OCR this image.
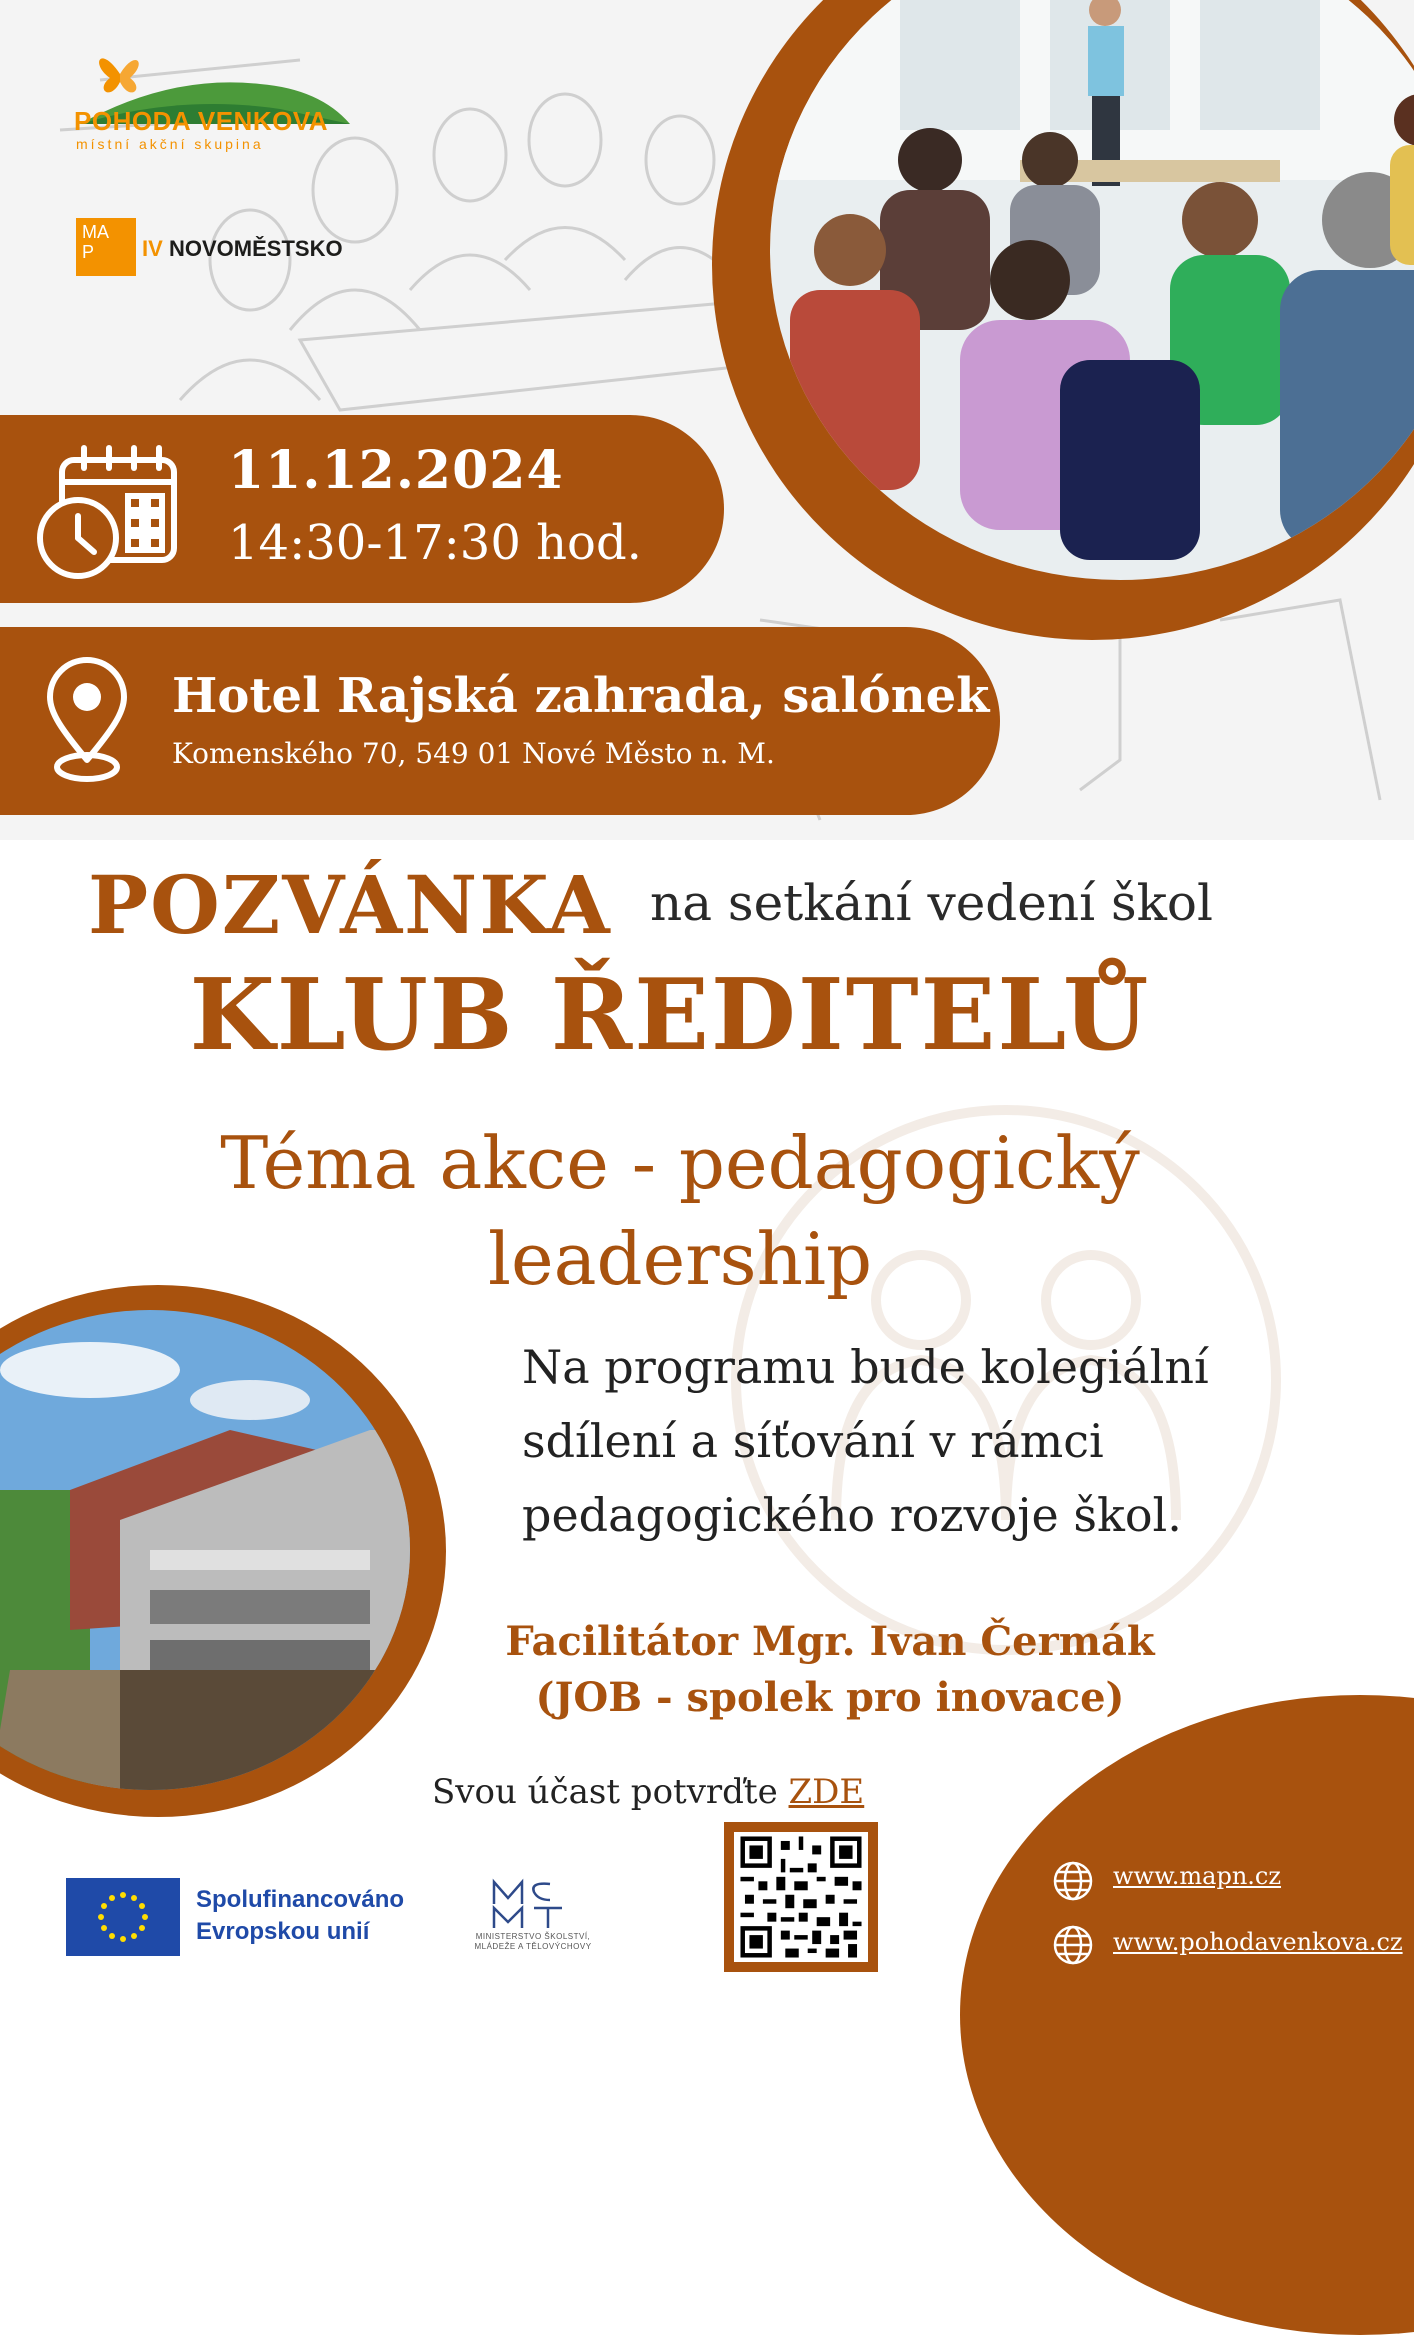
POHODA VENKOVA
místní akční skupina
MA
P	IV NOVOMĚSTSKO
11.12.2024
14:30-17:30 hod.
Hotel Rajská zahrada, salónek
Komenského 70, 549 01 Nové Město n. M.
POZVÁNKA na setkání vedení škol
KLUB ŘEDITELŮ
Téma akce - pedagogický
leadership
Na programu bude kolegiální
sdílení a síťování v rámci
pedagogického rozvoje škol.
Facilitátor Mgr. Ivan Čermák
(JOB - spolek pro inovace)
Svou účast potvrďte ZDE
www.mapn.cz
www.pohodavenkova.cz
Spolufinancováno
Evropskou unií	MINISTERSTVO ŠKOLSTVÍ,
MLÁDEŽE A TĚLOVÝCHOVY
